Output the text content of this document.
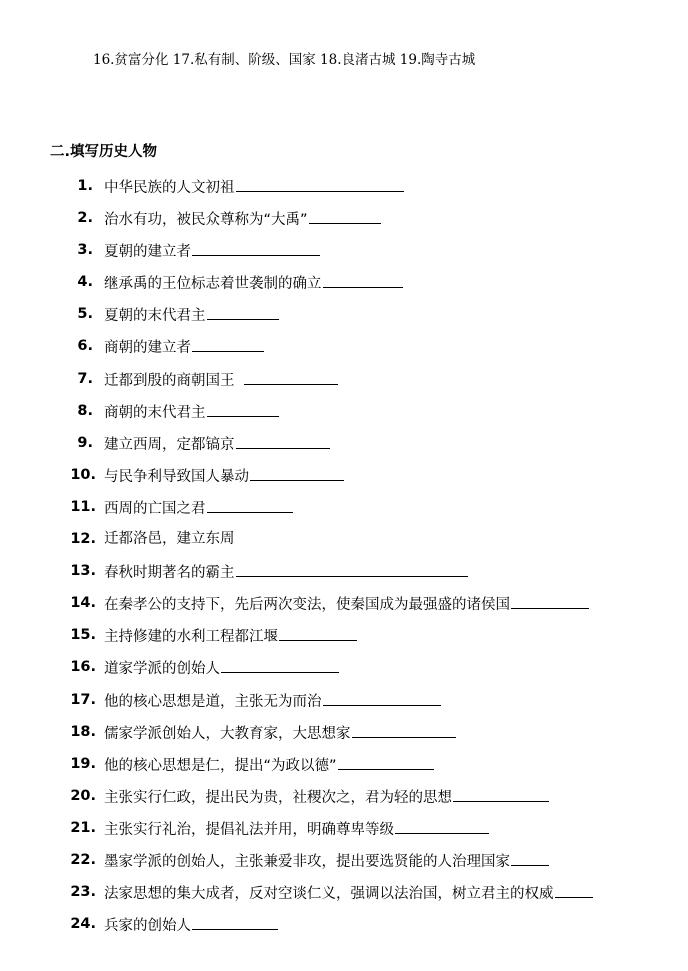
16.贫富分化 17.私有制、阶级、国家 18.良渚古城 19.陶寺古城
二.填写历史人物
1. 中华民族的人文初祖
2. 治水有功，被民众尊称为“大禹”
3. 夏朝的建立者
4. 继承禹的王位标志着世袭制的确立
5. 夏朝的末代君主
6. 商朝的建立者
7. 迁都到殷的商朝国王
8. 商朝的末代君主
9. 建立西周，定都镐京
10. 与民争利导致国人暴动
11. 西周的亡国之君
12. 迁都洛邑，建立东周
13. 春秋时期著名的霸主
14. 在秦孝公的支持下，先后两次变法，使秦国成为最强盛的诸侯国
15. 主持修建的水利工程都江堰
16. 道家学派的创始人
17. 他的核心思想是道，主张无为而治
18. 儒家学派创始人，大教育家，大思想家
19. 他的核心思想是仁，提出“为政以德”
20. 主张实行仁政，提出民为贵，社稷次之，君为轻的思想
21. 主张实行礼治，提倡礼法并用，明确尊卑等级
22. 墨家学派的创始人，主张兼爱非攻，提出要选贤能的人治理国家
23. 法家思想的集大成者，反对空谈仁义，强调以法治国，树立君主的权威
24. 兵家的创始人
